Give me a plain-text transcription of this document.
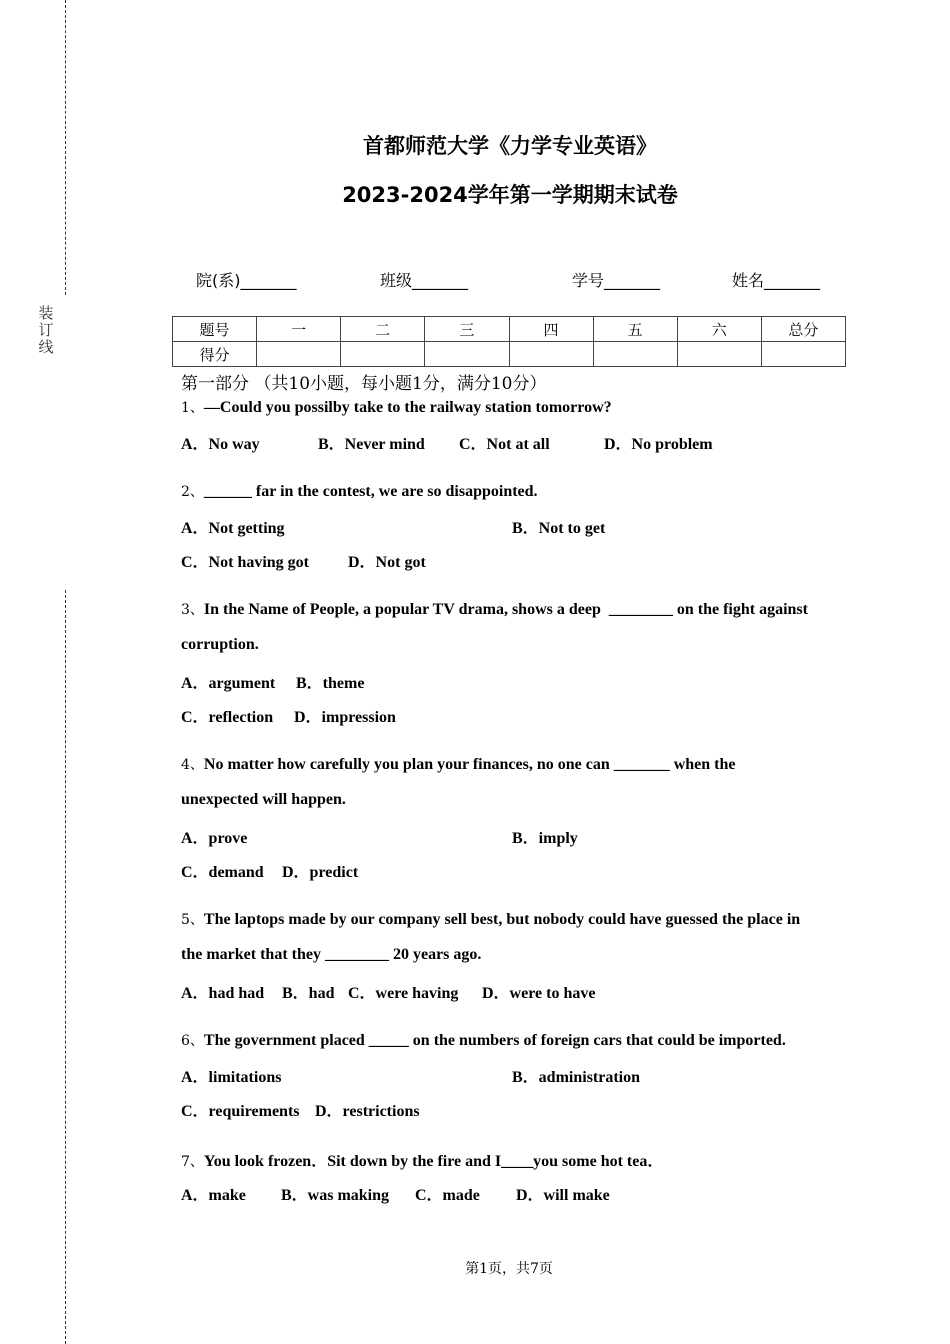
装
订
线
首都师范大学《力学专业英语》
2023-2024学年第一学期期末试卷
院(系)_______	班级_______	学号_______	姓名_______
题号	一	二	三	四	五	六	总分
得分							
第一部分 （共10小题，每小题1分，满分10分）
1、—Could you possilby take to the railway station tomorrow?
A．No way	B．Never mind C．Not at all	D．No problem
2、______ far in the contest, we are so disappointed.
A．Not getting	B．Not to get
C．Not having got D．Not got
3、In the Name of People, a popular TV drama, shows a deep  ________ on the fight against
corruption.
A．argument B．theme
C．reflection D．impression
4、No matter how carefully you plan your finances, no one can _______ when the
unexpected will happen.
A．prove	B．imply
C．demand D．predict
5、The laptops made by our company sell best, but nobody could have guessed the place in
the market that they ________ 20 years ago.
A．had had B．had C．were having D．were to have
6、The government placed _____ on the numbers of foreign cars that could be imported.
A．limitations	B．administration
C．requirements D．restrictions
7、You look frozen．Sit down by the fire and I____you some hot tea．
A．make B．was making C．made D．will make
第1页，共7页
